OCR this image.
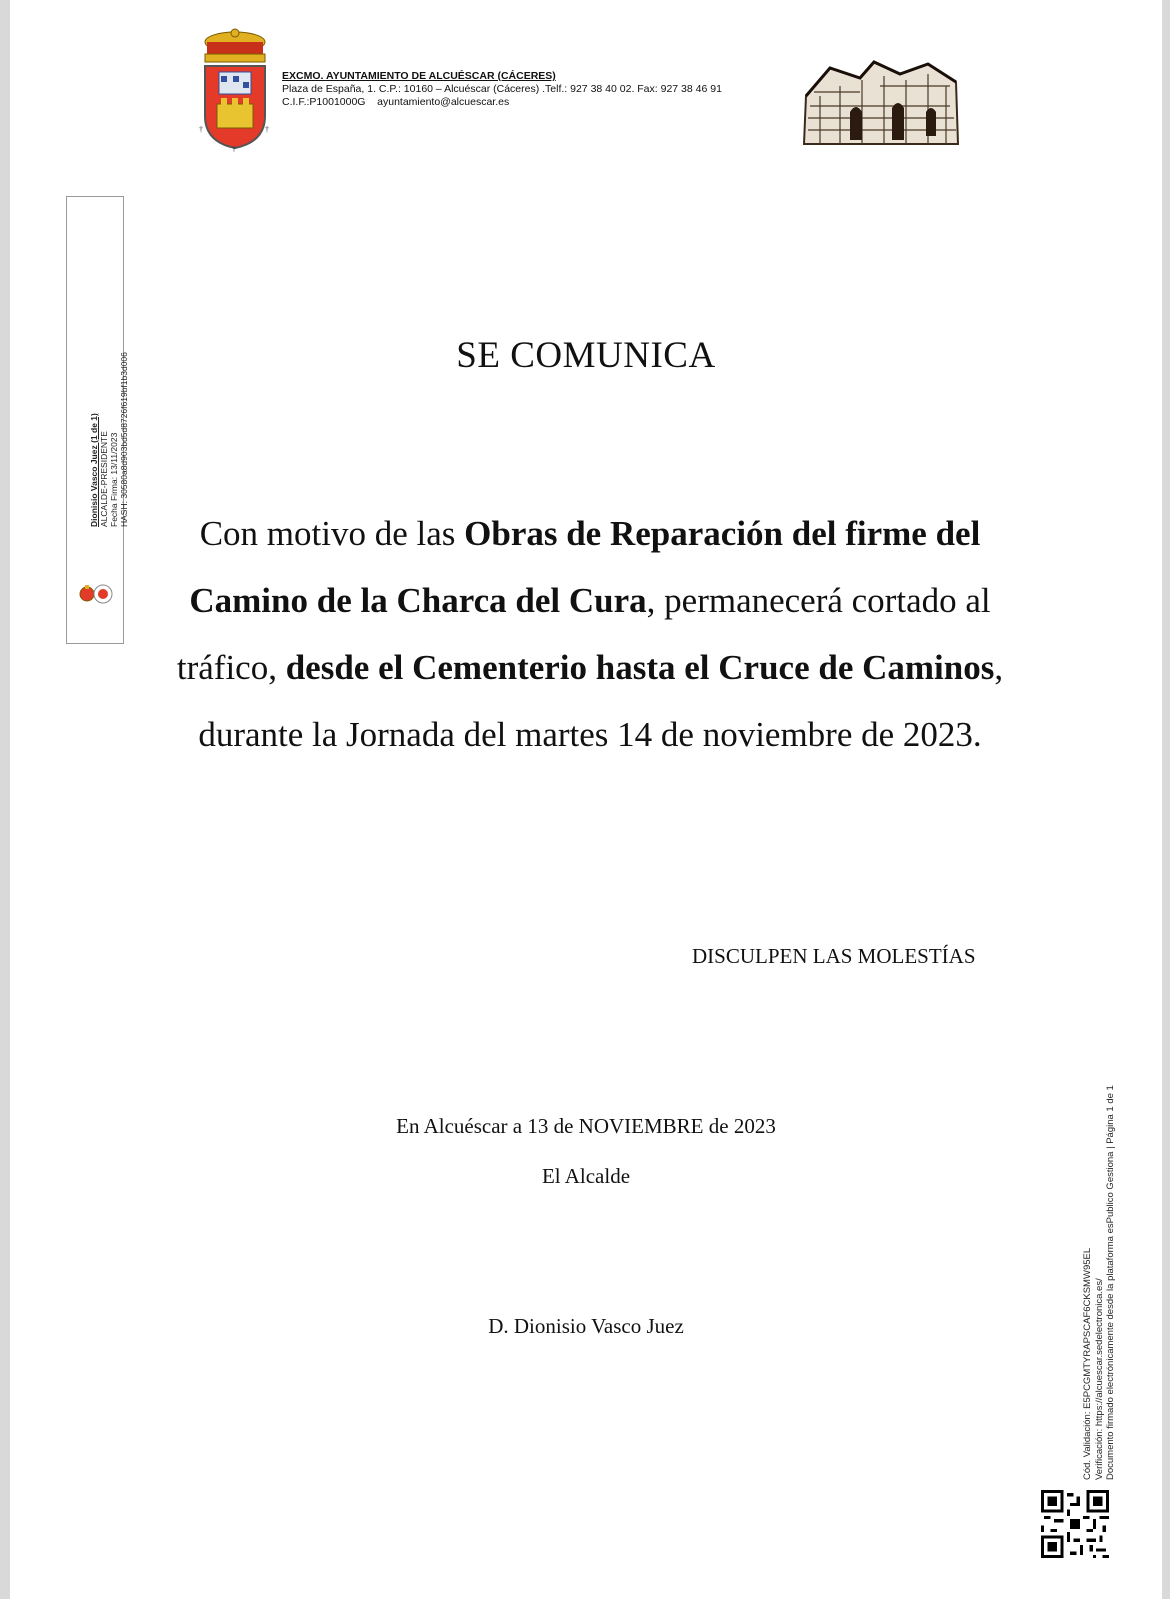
†	†
†
EXCMO. AYUNTAMIENTO DE ALCUÉSCAR (CÁCERES)
Plaza de España, 1. C.P.: 10160 – Alcuéscar (Cáceres) .Telf.: 927 38 40 02. Fax: 927 38 46 91
C.I.F.:P1001000G ayuntamiento@alcuescar.es
Dionisio Vasco Juez (1 de 1) ALCALDE-PRESIDENTE Fecha Firma: 13/11/2023 HASH: 30580a8d903bd5d8726f619bf1b3d006	SE COMUNICA
Con motivo de las Obras de Reparación del firme del Camino de la Charca del Cura, permanecerá cortado al tráfico, desde el Cementerio hasta el Cruce de Caminos, durante la Jornada del martes 14 de noviembre de 2023.
DISCULPEN LAS MOLESTÍAS
En Alcuéscar a 13 de NOVIEMBRE de 2023
El Alcalde
D. Dionisio Vasco Juez	Cód. Validación: E5PCGMTYRAPSCAF6CKSMW95EL Verificación: https://alcuescar.sedelectronica.es/ Documento firmado electrónicamente desde la plataforma esPublico Gestiona | Página 1 de 1
